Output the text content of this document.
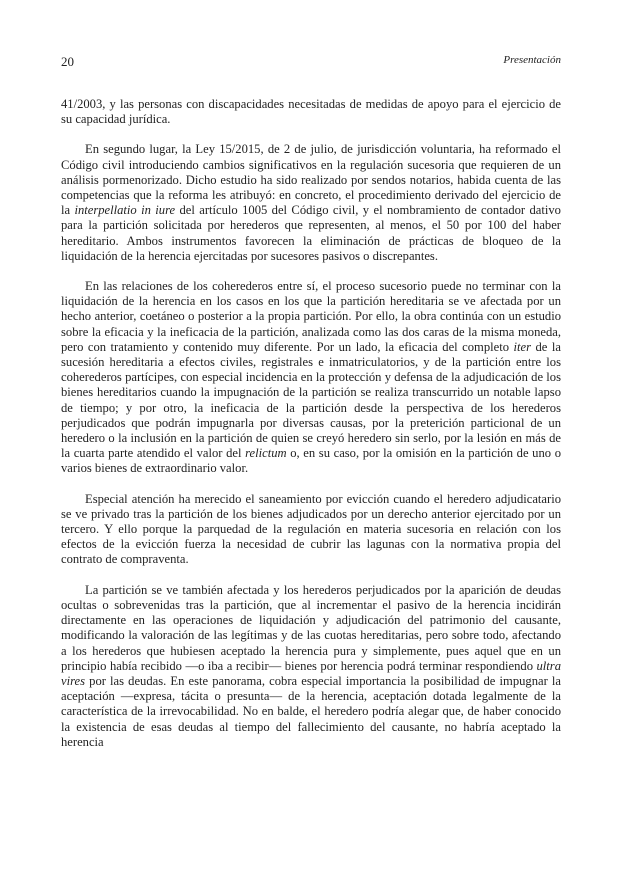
20	Presentación

41/2003, y las personas con discapacidades necesitadas de medidas de apoyo para el ejercicio de su capacidad jurídica.

En segundo lugar, la Ley 15/2015, de 2 de julio, de jurisdicción voluntaria, ha reformado el Código civil introduciendo cambios significativos en la regulación sucesoria que requieren de un análisis pormenorizado. Dicho estudio ha sido realizado por sendos notarios, habida cuenta de las competencias que la reforma les atribuyó: en concreto, el procedimiento derivado del ejercicio de la interpellatio in iure del artículo 1005 del Código civil, y el nombramiento de contador dativo para la partición solicitada por herederos que representen, al menos, el 50 por 100 del haber hereditario. Ambos instrumentos favorecen la eliminación de prácticas de bloqueo de la liquidación de la herencia ejercitadas por sucesores pasivos o discrepantes.

En las relaciones de los coherederos entre sí, el proceso sucesorio puede no terminar con la liquidación de la herencia en los casos en los que la partición hereditaria se ve afectada por un hecho anterior, coetáneo o posterior a la propia partición. Por ello, la obra continúa con un estudio sobre la eficacia y la ineficacia de la partición, analizada como las dos caras de la misma moneda, pero con tratamiento y contenido muy diferente. Por un lado, la eficacia del completo iter de la sucesión hereditaria a efectos civiles, registrales e inmatriculatorios, y de la partición entre los coherederos partícipes, con especial incidencia en la protección y defensa de la adjudicación de los bienes hereditarios cuando la impugnación de la partición se realiza transcurrido un notable lapso de tiempo; y por otro, la ineficacia de la partición desde la perspectiva de los herederos perjudicados que podrán impugnarla por diversas causas, por la preterición particional de un heredero o la inclusión en la partición de quien se creyó heredero sin serlo, por la lesión en más de la cuarta parte atendido el valor del relictum o, en su caso, por la omisión en la partición de uno o varios bienes de extraordinario valor.

Especial atención ha merecido el saneamiento por evicción cuando el heredero adjudicatario se ve privado tras la partición de los bienes adjudicados por un derecho anterior ejercitado por un tercero. Y ello porque la parquedad de la regulación en materia sucesoria en relación con los efectos de la evicción fuerza la necesidad de cubrir las lagunas con la normativa propia del contrato de compraventa.

La partición se ve también afectada y los herederos perjudicados por la aparición de deudas ocultas o sobrevenidas tras la partición, que al incrementar el pasivo de la herencia incidirán directamente en las operaciones de liquidación y adjudicación del patrimonio del causante, modificando la valoración de las legítimas y de las cuotas hereditarias, pero sobre todo, afectando a los herederos que hubiesen aceptado la herencia pura y simplemente, pues aquel que en un principio había recibido —o iba a recibir— bienes por herencia podrá terminar respondiendo ultra vires por las deudas. En este panorama, cobra especial importancia la posibilidad de impugnar la aceptación —expresa, tácita o presunta— de la herencia, aceptación dotada legalmente de la característica de la irrevocabilidad. No en balde, el heredero podría alegar que, de haber conocido la existencia de esas deudas al tiempo del fallecimiento del causante, no habría aceptado la herencia
